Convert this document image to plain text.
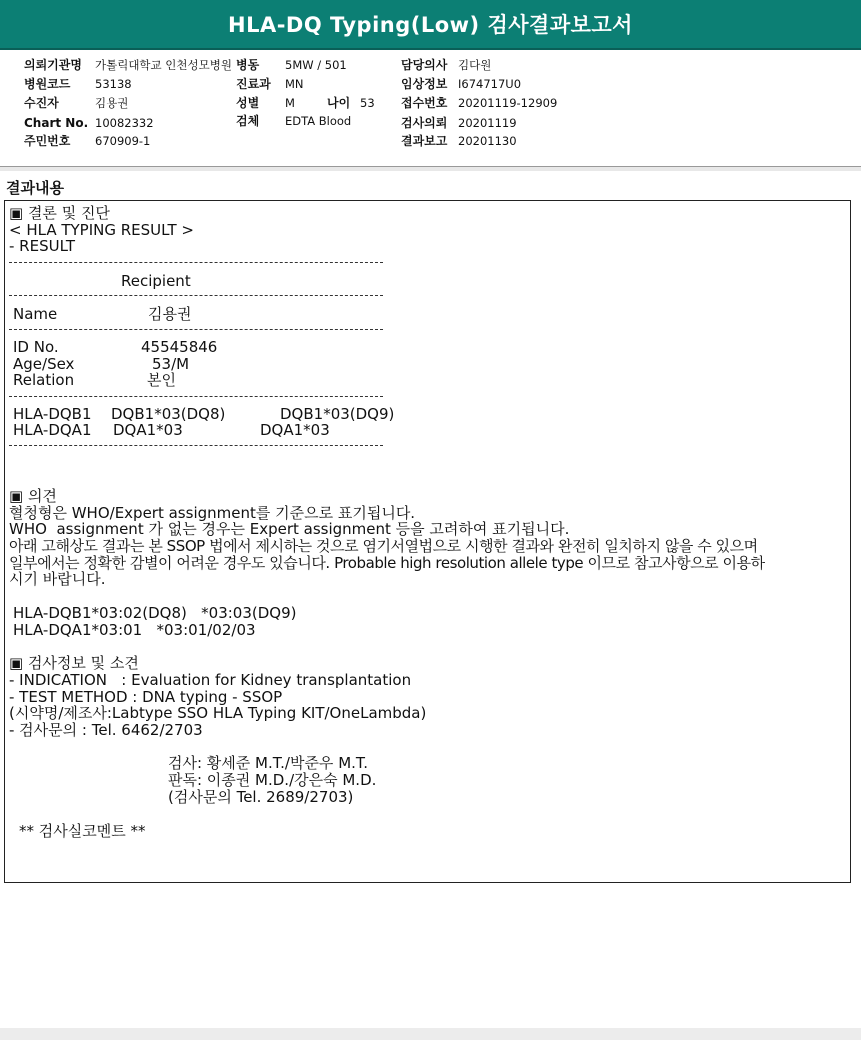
HLA-DQ Typing(Low) 검사결과보고서
의뢰기관명 가톨릭대학교 인천성모병원 병동 5MW / 501	담당의사 김다원
병원코드 53138	진료과 MN	임상정보 I674717U0
수진자	김용권	성별 M	나이 53 접수번호 20201119-12909
Chart No. 10082332	검체 EDTA Blood	검사의뢰 20201119
주민번호 670909-1	결과보고 20201130
결과내용
▣ 결론 및 진단
< HLA TYPING RESULT >
- RESULT
Recipient
Name	김용권
ID No.	45545846
Age/Sex	53/M
Relation	본인
HLA-DQB1 DQB1*03(DQ8)	DQB1*03(DQ9)
HLA-DQA1 DQA1*03	DQA1*03
▣ 의견
혈청형은 WHO/Expert assignment를 기준으로 표기됩니다.
WHO  assignment 가 없는 경우는 Expert assignment 등을 고려하여 표기됩니다.
아래 고해상도 결과는 본 SSOP 법에서 제시하는 것으로 염기서열법으로 시행한 결과와 완전히 일치하지 않을 수 있으며
일부에서는 정확한 감별이 어려운 경우도 있습니다. Probable high resolution allele type 이므로 참고사항으로 이용하
시기 바랍니다.
HLA-DQB1*03:02(DQ8)   *03:03(DQ9)
HLA-DQA1*03:01   *03:01/02/03
▣ 검사정보 및 소견
- INDICATION   : Evaluation for Kidney transplantation
- TEST METHOD : DNA typing - SSOP
(시약명/제조사:Labtype SSO HLA Typing KIT/OneLambda)
- 검사문의 : Tel. 6462/2703
검사: 황세준 M.T./박준우 M.T.
판독: 이종권 M.D./강은숙 M.D.
(검사문의 Tel. 2689/2703)
** 검사실코멘트 **
